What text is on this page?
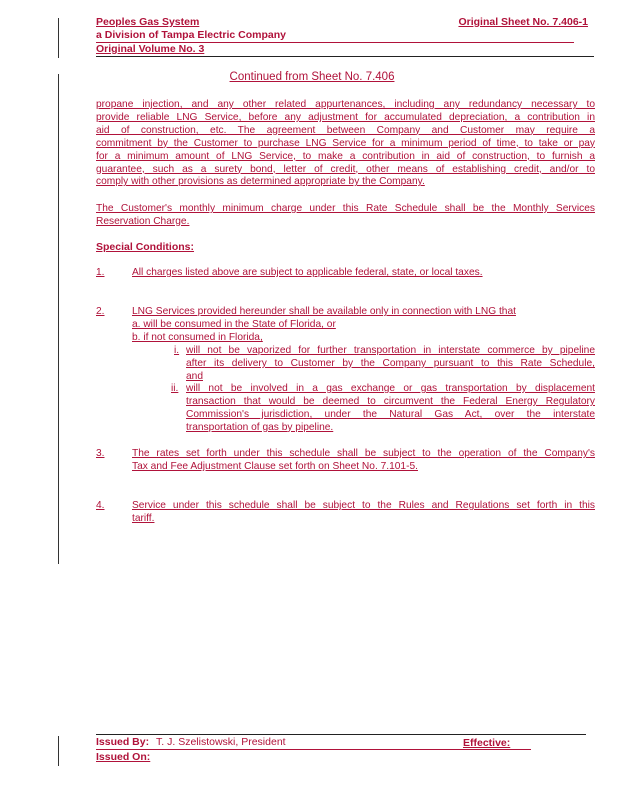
Peoples Gas System	Original Sheet No. 7.406-1
a Division of Tampa Electric Company
Original Volume No. 3
Continued from Sheet No. 7.406
propane injection, and any other related appurtenances, including any redundancy necessary to
provide reliable LNG Service, before any adjustment for accumulated depreciation, a contribution in
aid of construction, etc. The agreement between Company and Customer may require a
commitment by the Customer to purchase LNG Service for a minimum period of time, to take or pay
for a minimum amount of LNG Service, to make a contribution in aid of construction, to furnish a
guarantee, such as a surety bond, letter of credit, other means of establishing credit, and/or to
comply with other provisions as determined appropriate by the Company.
The Customer's monthly minimum charge under this Rate Schedule shall be the Monthly Services
Reservation Charge.
Special Conditions:
1.	All charges listed above are subject to applicable federal, state, or local taxes.
2.	LNG Services provided hereunder shall be available only in connection with LNG that
a. will be consumed in the State of Florida, or
b. if not consumed in Florida,
i. will not be vaporized for further transportation in interstate commerce by pipeline
after its delivery to Customer by the Company pursuant to this Rate Schedule,
and
ii. will not be involved in a gas exchange or gas transportation by displacement
transaction that would be deemed to circumvent the Federal Energy Regulatory
Commission's jurisdiction, under the Natural Gas Act, over the interstate
transportation of gas by pipeline.
3.	The rates set forth under this schedule shall be subject to the operation of the Company's
Tax and Fee Adjustment Clause set forth on Sheet No. 7.101-5.
4.	Service under this schedule shall be subject to the Rules and Regulations set forth in this
tariff.
Issued By: T. J. Szelistowski, President	Effective:
Issued On:
